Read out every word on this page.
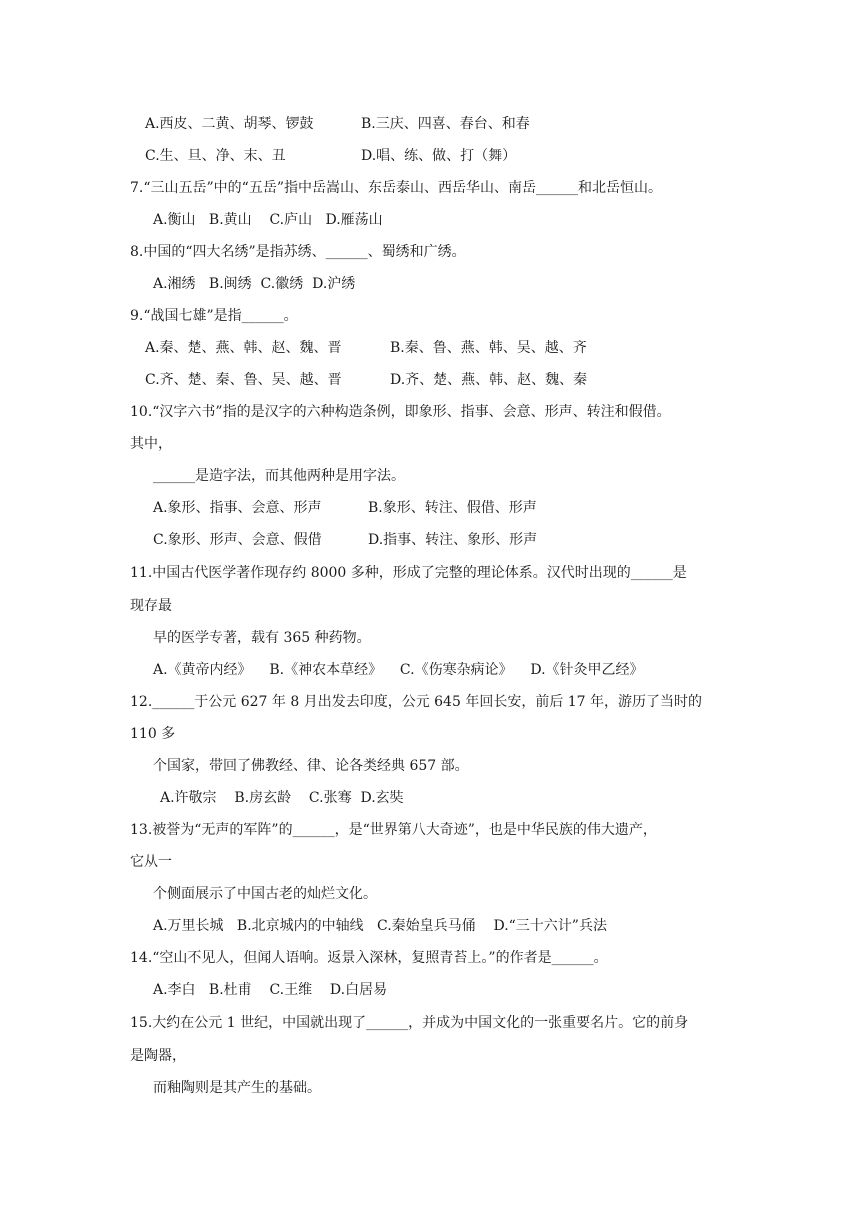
A.西皮、二黄、胡琴、锣鼓	B.三庆、四喜、春台、和春
C.生、旦、净、末、丑	D.唱、练、做、打（舞）
7.“三山五岳”中的“五岳”指中岳嵩山、东岳泰山、西岳华山、南岳______和北岳恒山。
A.衡山   B.黄山    C.庐山   D.雁荡山
8.中国的“四大名绣”是指苏绣、______、蜀绣和广绣。
A.湘绣   B.闽绣  C.徽绣  D.沪绣
9.“战国七雄”是指______。
A.秦、楚、燕、韩、赵、魏、晋	B.秦、鲁、燕、韩、吴、越、齐
C.齐、楚、秦、鲁、吴、越、晋	D.齐、楚、燕、韩、赵、魏、秦
10.“汉字六书”指的是汉字的六种构造条例，即象形、指事、会意、形声、转注和假借。
其中，
______是造字法，而其他两种是用字法。
A.象形、指事、会意、形声	B.象形、转注、假借、形声
C.象形、形声、会意、假借	D.指事、转注、象形、形声
11.中国古代医学著作现存约 8000 多种，形成了完整的理论体系。汉代时出现的______是
现存最
早的医学专著，载有 365 种药物。
A.《黄帝内经》    B.《神农本草经》    C.《伤寒杂病论》    D.《针灸甲乙经》
12.______于公元 627 年 8 月出发去印度，公元 645 年回长安，前后 17 年，游历了当时的
110 多
个国家，带回了佛教经、律、论各类经典 657 部。
A.许敬宗    B.房玄龄    C.张骞  D.玄奘
13.被誉为“无声的军阵”的______，是“世界第八大奇迹”，也是中华民族的伟大遗产，
它从一
个侧面展示了中国古老的灿烂文化。
A.万里长城   B.北京城内的中轴线   C.秦始皇兵马俑    D.“三十六计”兵法
14.“空山不见人，但闻人语响。返景入深林，复照青苔上。”的作者是______。
A.李白   B.杜甫    C.王维    D.白居易
15.大约在公元 1 世纪，中国就出现了______，并成为中国文化的一张重要名片。它的前身
是陶器，
而釉陶则是其产生的基础。
